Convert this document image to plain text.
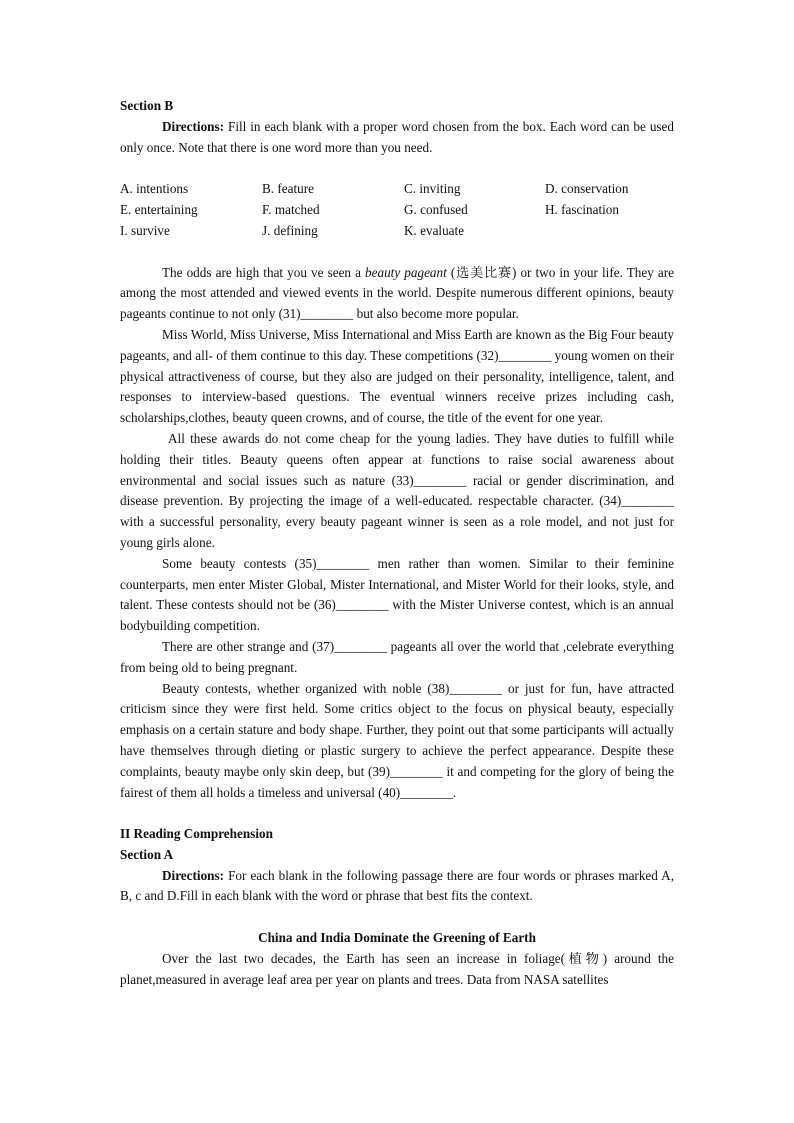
Section B

Directions: Fill in each blank with a proper word chosen from the box. Each word can be used only once. Note that there is one word more than you need.

A. intentions	B. feature	C. inviting	D. conservation
E. entertaining	F. matched	G. confused	H. fascination
I. survive	J. defining	K. evaluate

The odds are high that you ve seen a beauty pageant (选美比赛) or two in your life. They are among the most attended and viewed events in the world. Despite numerous different opinions, beauty pageants continue to not only (31)________ but also become more popular.

Miss World, Miss Universe, Miss International and Miss Earth are known as the Big Four beauty pageants, and all- of them continue to this day. These competitions (32)________ young women on their physical attractiveness of course, but they also are judged on their personality, intelligence, talent, and responses to interview-based questions. The eventual winners receive prizes including cash, scholarships,clothes, beauty queen crowns, and of course, the title of the event for one year.

All these awards do not come cheap for the young ladies. They have duties to fulfill while holding their titles. Beauty queens often appear at functions to raise social awareness about environmental and social issues such as nature (33)________ racial or gender discrimination, and disease prevention. By projecting the image of a well-educated. respectable character. (34)________ with a successful personality, every beauty pageant winner is seen as a role model, and not just for young girls alone.

Some beauty contests (35)________ men rather than women. Similar to their feminine counterparts, men enter Mister Global, Mister International, and Mister World for their looks, style, and talent. These contests should not be (36)________ with the Mister Universe contest, which is an annual bodybuilding competition.

There are other strange and (37)________ pageants all over the world that ,celebrate everything from being old to being pregnant.

Beauty contests, whether organized with noble (38)________ or just for fun, have attracted criticism since they were first held. Some critics object to the focus on physical beauty, especially emphasis on a certain stature and body shape. Further, they point out that some participants will actually have themselves through dieting or plastic surgery to achieve the perfect appearance. Despite these complaints, beauty maybe only skin deep, but (39)________ it and competing for the glory of being the fairest of them all holds a timeless and universal (40)________.

II Reading Comprehension

Section A

Directions: For each blank in the following passage there are four words or phrases marked A, B, c and D.Fill in each blank with the word or phrase that best fits the context.

China and India Dominate the Greening of Earth

Over the last two decades, the Earth has seen an increase in foliage(植物) around the planet,measured in average leaf area per year on plants and trees. Data from NASA satellites
